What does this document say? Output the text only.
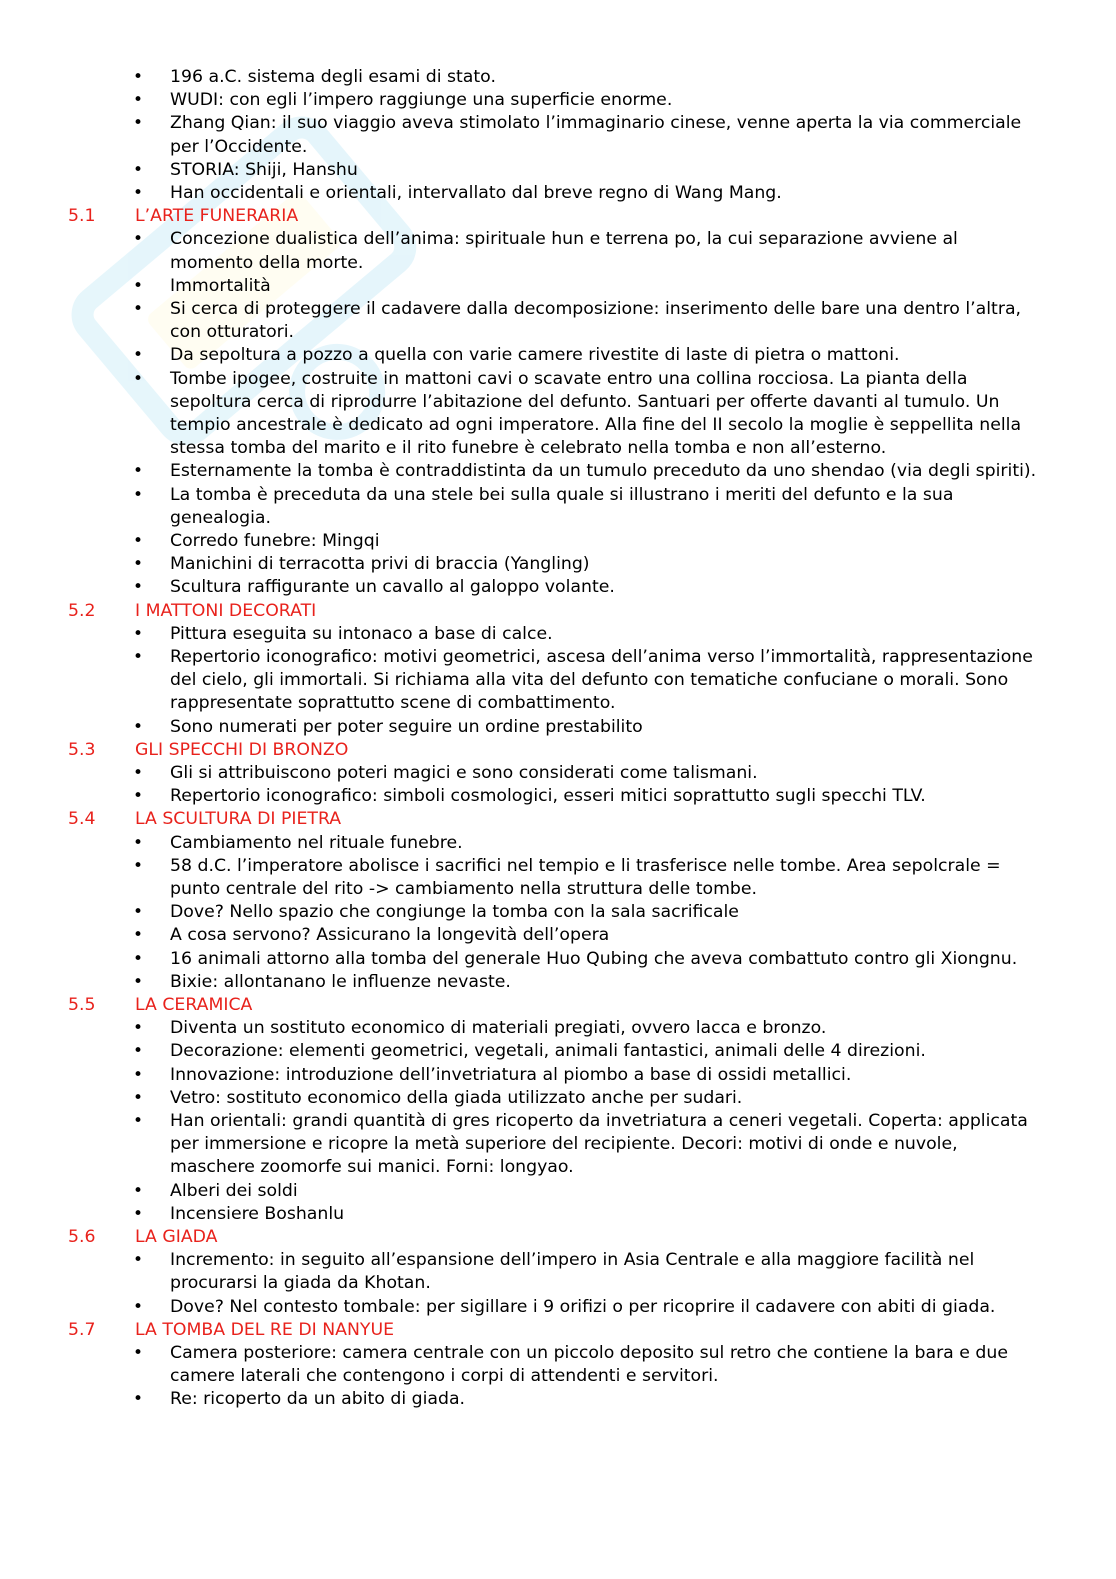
• 196 a.C. sistema degli esami di stato.
• WUDI: con egli l’impero raggiunge una superficie enorme.
• Zhang Qian: il suo viaggio aveva stimolato l’immaginario cinese, venne aperta la via commerciale per l’Occidente.
• STORIA: Shiji, Hanshu
• Han occidentali e orientali, intervallato dal breve regno di Wang Mang.
5.1 L’ARTE FUNERARIA
• Concezione dualistica dell’anima: spirituale hun e terrena po, la cui separazione avviene al momento della morte.
• Immortalità
• Si cerca di proteggere il cadavere dalla decomposizione: inserimento delle bare una dentro l’altra, con otturatori.
• Da sepoltura a pozzo a quella con varie camere rivestite di laste di pietra o mattoni.
• Tombe ipogee, costruite in mattoni cavi o scavate entro una collina rocciosa. La pianta della sepoltura cerca di riprodurre l’abitazione del defunto. Santuari per offerte davanti al tumulo. Un tempio ancestrale è dedicato ad ogni imperatore. Alla fine del II secolo la moglie è seppellita nella stessa tomba del marito e il rito funebre è celebrato nella tomba e non all’esterno.
• Esternamente la tomba è contraddistinta da un tumulo preceduto da uno shendao (via degli spiriti).
• La tomba è preceduta da una stele bei sulla quale si illustrano i meriti del defunto e la sua genealogia.
• Corredo funebre: Mingqi
• Manichini di terracotta privi di braccia (Yangling)
• Scultura raffigurante un cavallo al galoppo volante.
5.2 I MATTONI DECORATI
• Pittura eseguita su intonaco a base di calce.
• Repertorio iconografico: motivi geometrici, ascesa dell’anima verso l’immortalità, rappresentazione del cielo, gli immortali. Si richiama alla vita del defunto con tematiche confuciane o morali. Sono rappresentate soprattutto scene di combattimento.
• Sono numerati per poter seguire un ordine prestabilito
5.3 GLI SPECCHI DI BRONZO
• Gli si attribuiscono poteri magici e sono considerati come talismani.
• Repertorio iconografico: simboli cosmologici, esseri mitici soprattutto sugli specchi TLV.
5.4 LA SCULTURA DI PIETRA
• Cambiamento nel rituale funebre.
• 58 d.C. l’imperatore abolisce i sacrifici nel tempio e li trasferisce nelle tombe. Area sepolcrale = punto centrale del rito -> cambiamento nella struttura delle tombe.
• Dove? Nello spazio che congiunge la tomba con la sala sacrificale
• A cosa servono? Assicurano la longevità dell’opera
• 16 animali attorno alla tomba del generale Huo Qubing che aveva combattuto contro gli Xiongnu.
• Bixie: allontanano le influenze nevaste.
5.5 LA CERAMICA
• Diventa un sostituto economico di materiali pregiati, ovvero lacca e bronzo.
• Decorazione: elementi geometrici, vegetali, animali fantastici, animali delle 4 direzioni.
• Innovazione: introduzione dell’invetriatura al piombo a base di ossidi metallici.
• Vetro: sostituto economico della giada utilizzato anche per sudari.
• Han orientali: grandi quantità di gres ricoperto da invetriatura a ceneri vegetali. Coperta: applicata per immersione e ricopre la metà superiore del recipiente. Decori: motivi di onde e nuvole, maschere zoomorfe sui manici. Forni: longyao.
• Alberi dei soldi
• Incensiere Boshanlu
5.6 LA GIADA
• Incremento: in seguito all’espansione dell’impero in Asia Centrale e alla maggiore facilità nel procurarsi la giada da Khotan.
• Dove? Nel contesto tombale: per sigillare i 9 orifizi o per ricoprire il cadavere con abiti di giada.
5.7 LA TOMBA DEL RE DI NANYUE
• Camera posteriore: camera centrale con un piccolo deposito sul retro che contiene la bara e due camere laterali che contengono i corpi di attendenti e servitori.
• Re: ricoperto da un abito di giada.
